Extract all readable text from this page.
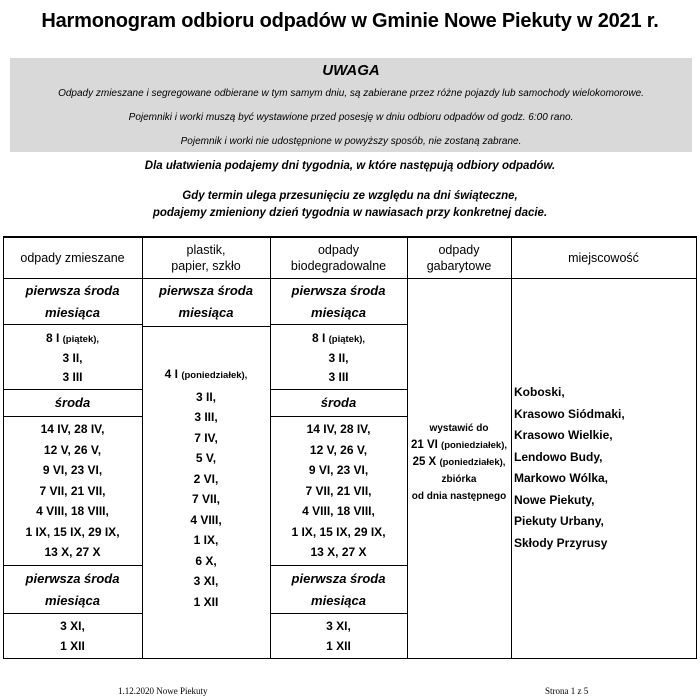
Harmonogram odbioru odpadów w Gminie Nowe Piekuty w 2021 r.
UWAGA
Odpady zmieszane i segregowane odbierane w tym samym dniu, są zabierane przez różne pojazdy lub samochody wielokomorowe.
Pojemniki i worki muszą być wystawione przed posesję w dniu odbioru odpadów od godz. 6:00 rano.
Pojemnik i worki nie udostępnione w powyższy sposób, nie zostaną zabrane.
Dla ułatwienia podajemy dni tygodnia, w które następują odbiory odpadów.
Gdy termin ulega przesunięciu ze względu na dni świąteczne,
podajemy zmieniony dzień tygodnia w nawiasach przy konkretnej dacie.
odpady zmieszane
plastik,
papier, szkło
odpady
biodegradowalne
odpady
gabarytowe
miejscowość
pierwsza środa
miesiąca
8 I (piątek),
3 II,
3 III
środa
14 IV, 28 IV,
12 V, 26 V,
9 VI, 23 VI,
7 VII, 21 VII,
4 VIII, 18 VIII,
1 IX, 15 IX, 29 IX,
13 X, 27 X
pierwsza środa
miesiąca
3 XI,
1 XII
pierwsza środa
miesiąca
4 I (poniedziałek),
3 II,
3 III,
7 IV,
5 V,
2 VI,
7 VII,
4 VIII,
1 IX,
6 X,
3 XI,
1 XII
pierwsza środa
miesiąca
8 I (piątek),
3 II,
3 III
środa
14 IV, 28 IV,
12 V, 26 V,
9 VI, 23 VI,
7 VII, 21 VII,
4 VIII, 18 VIII,
1 IX, 15 IX, 29 IX,
13 X, 27 X
pierwsza środa
miesiąca
3 XI,
1 XII
wystawić do
21 VI (poniedziałek),
25 X (poniedziałek),
zbiórka
od dnia następnego
Koboski,
Krasowo Siódmaki,
Krasowo Wielkie,
Lendowo Budy,
Markowo Wólka,
Nowe Piekuty,
Piekuty Urbany,
Skłody Przyrusy
1.12.2020 Nowe Piekuty	Strona 1 z 5
